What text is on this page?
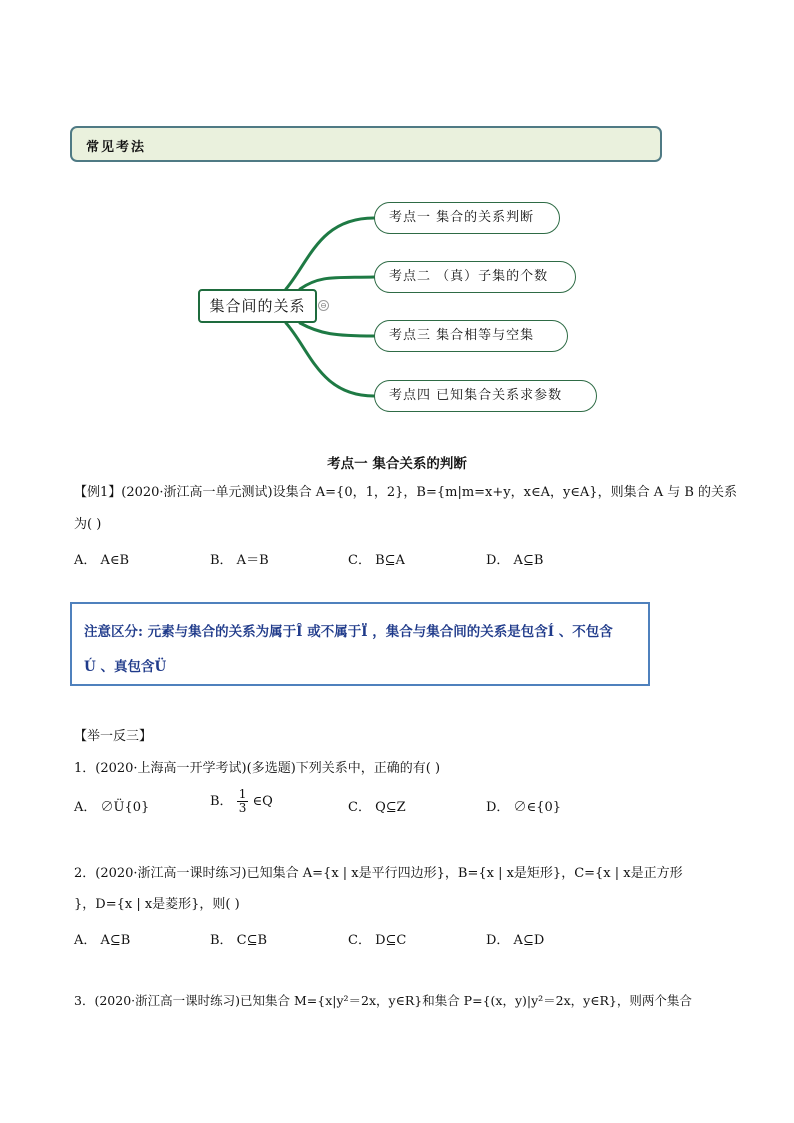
常见考法
集合间的关系	⊖
考点一 集合的关系判断
考点二 （真）子集的个数
考点三 集合相等与空集
考点四 已知集合关系求参数
考点一 集合关系的判断
【例1】(2020·浙江高一单元测试)设集合 A={0，1，2}，B={m|m=x+y，x∈A，y∈A}，则集合 A 与 B 的关系
为( )
A． A∈B	B． A＝B	C． B⊆A	D． A⊆B
注意区分: 元素与集合的关系为属于Î 或不属于Ï ，集合与集合间的关系是包含Í 、不包含
Ú 、真包含Ü
【举一反三】
1．(2020·上海高一开学考试)(多选题)下列关系中，正确的有( )
A． ∅Ü{0}	B． $\frac{1}{3}$ ∈Q	C． Q⊆Z	D． ∅∈{0}
2．(2020·浙江高一课时练习)已知集合 A={x | x是平行四边形}，B={x | x是矩形}，C={x | x是正方形
}，D={x | x是菱形}，则( )
A． A⊆B	B． C⊆B	C． D⊆C	D． A⊆D
3．(2020·浙江高一课时练习)已知集合 M={x|y²＝2x，y∈R}和集合 P={(x，y)|y²＝2x，y∈R}，则两个集合
